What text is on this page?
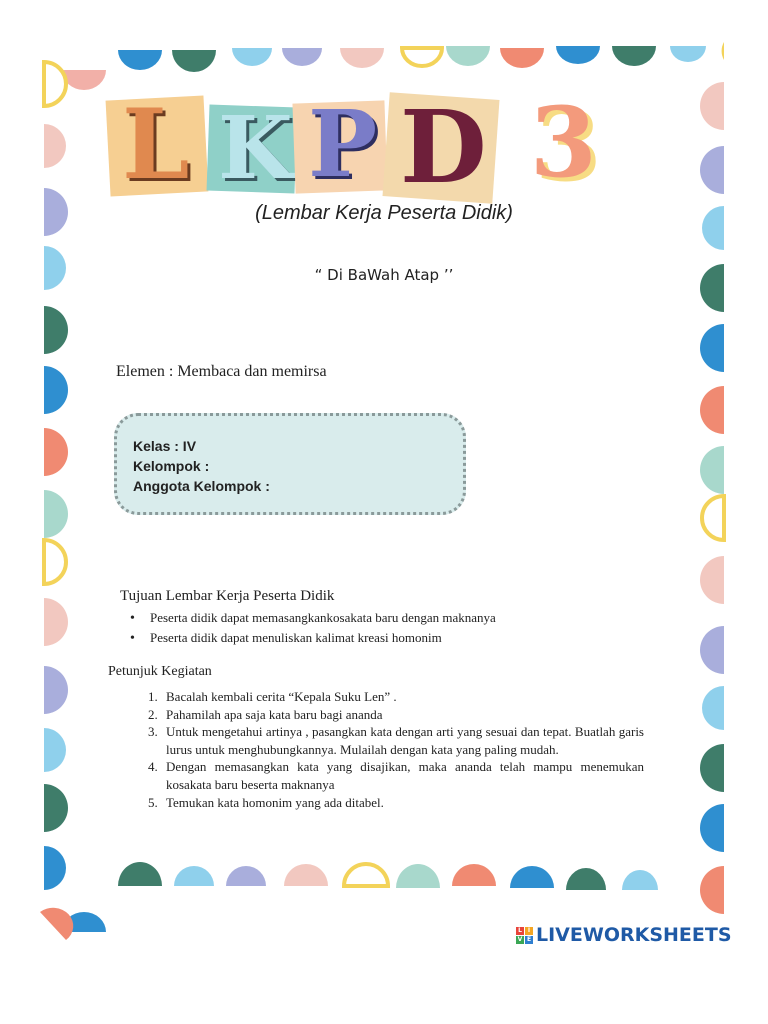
L K P D 3
(Lembar Kerja Peserta Didik)
“ Di BaWah Atap ’’
Elemen : Membaca dan memirsa
Kelas : IV
Kelompok :
Anggota Kelompok :
Tujuan Lembar Kerja Peserta Didik
• Peserta didik dapat memasangkankosakata baru dengan maknanya
• Peserta didik dapat menuliskan kalimat kreasi homonim
Petunjuk Kegiatan
1. Bacalah kembali cerita “Kepala Suku Len” .
2. Pahamilah apa saja kata baru bagi ananda
3. Untuk mengetahui artinya , pasangkan kata dengan arti yang sesuai dan tepat. Buatlah garis lurus untuk menghubungkannya. Mulailah dengan kata yang paling mudah.
4. Dengan memasangkan kata yang disajikan, maka ananda telah mampu menemukan kosakata baru beserta maknanya
5. Temukan kata homonim yang ada ditabel.
L I
V E LIVEWORKSHEETS
